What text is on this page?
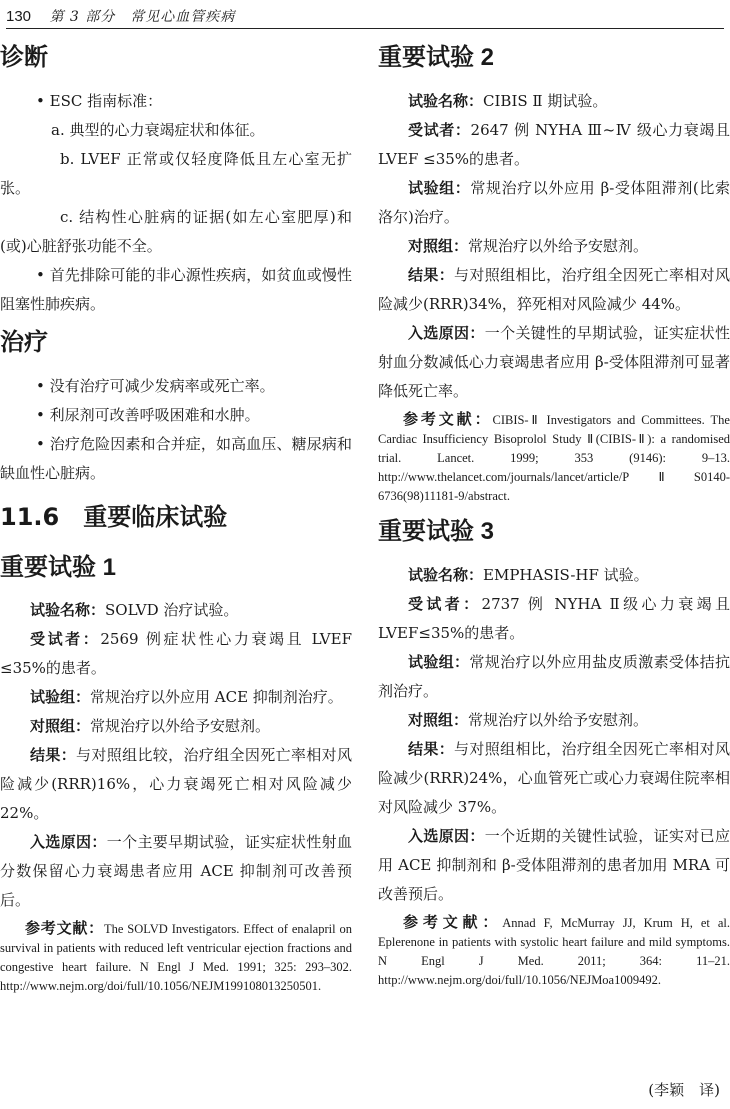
130 第 3 部分　常见心血管疾病
诊断

• ESC 指南标准：

a. 典型的心力衰竭症状和体征。

b. LVEF 正常或仅轻度降低且左心室无扩张。

c. 结构性心脏病的证据(如左心室肥厚)和(或)心脏舒张功能不全。

• 首先排除可能的非心源性疾病，如贫血或慢性阻塞性肺疾病。

治疗

• 没有治疗可减少发病率或死亡率。

• 利尿剂可改善呼吸困难和水肿。

• 治疗危险因素和合并症，如高血压、糖尿病和缺血性心脏病。

11.6　重要临床试验
重要试验 1

试验名称：SOLVD 治疗试验。

受试者：2569 例症状性心力衰竭且 LVEF ≤35%的患者。

试验组：常规治疗以外应用 ACE 抑制剂治疗。

对照组：常规治疗以外给予安慰剂。

结果：与对照组比较，治疗组全因死亡率相对风险减少(RRR)16%，心力衰竭死亡相对风险减少 22%。

入选原因：一个主要早期试验，证实症状性射血分数保留心力衰竭患者应用 ACE 抑制剂可改善预后。

参考文献：The SOLVD Investigators. Effect of enalapril on survival in patients with reduced left ventricular ejection fractions and congestive heart failure. N Engl J Med. 1991; 325: 293–302. http://www.nejm.org/doi/full/10.1056/NEJM199108013250501.

重要试验 2

试验名称：CIBIS Ⅱ 期试验。

受试者：2647 例 NYHA Ⅲ~Ⅳ 级心力衰竭且 LVEF ≤35%的患者。

试验组：常规治疗以外应用 β-受体阻滞剂(比索洛尔)治疗。

对照组：常规治疗以外给予安慰剂。

结果：与对照组相比，治疗组全因死亡率相对风险减少(RRR)34%，猝死相对风险减少 44%。

入选原因：一个关键性的早期试验，证实症状性射血分数减低心力衰竭患者应用 β-受体阻滞剂可显著降低死亡率。

参考文献：CIBIS-Ⅱ Investigators and Committees. The Cardiac Insufficiency Bisoprolol Study Ⅱ(CIBIS-Ⅱ): a randomised trial. Lancet. 1999; 353 (9146): 9–13. http://www.thelancet.com/journals/lancet/article/PⅡS0140-6736(98)11181-9/abstract.

重要试验 3

试验名称：EMPHASIS-HF 试验。

受试者：2737 例 NYHA Ⅱ级心力衰竭且 LVEF≤35%的患者。

试验组：常规治疗以外应用盐皮质激素受体拮抗剂治疗。

对照组：常规治疗以外给予安慰剂。

结果：与对照组相比，治疗组全因死亡率相对风险减少(RRR)24%，心血管死亡或心力衰竭住院率相对风险减少 37%。

入选原因：一个近期的关键性试验，证实对已应用 ACE 抑制剂和 β-受体阻滞剂的患者加用 MRA 可改善预后。

参考文献：Annad F, McMurray JJ, Krum H, et al. Eplerenone in patients with systolic heart failure and mild symptoms. N Engl J Med. 2011; 364: 11–21. http://www.nejm.org/doi/full/10.1056/NEJMoa1009492.

(李颖　译)
